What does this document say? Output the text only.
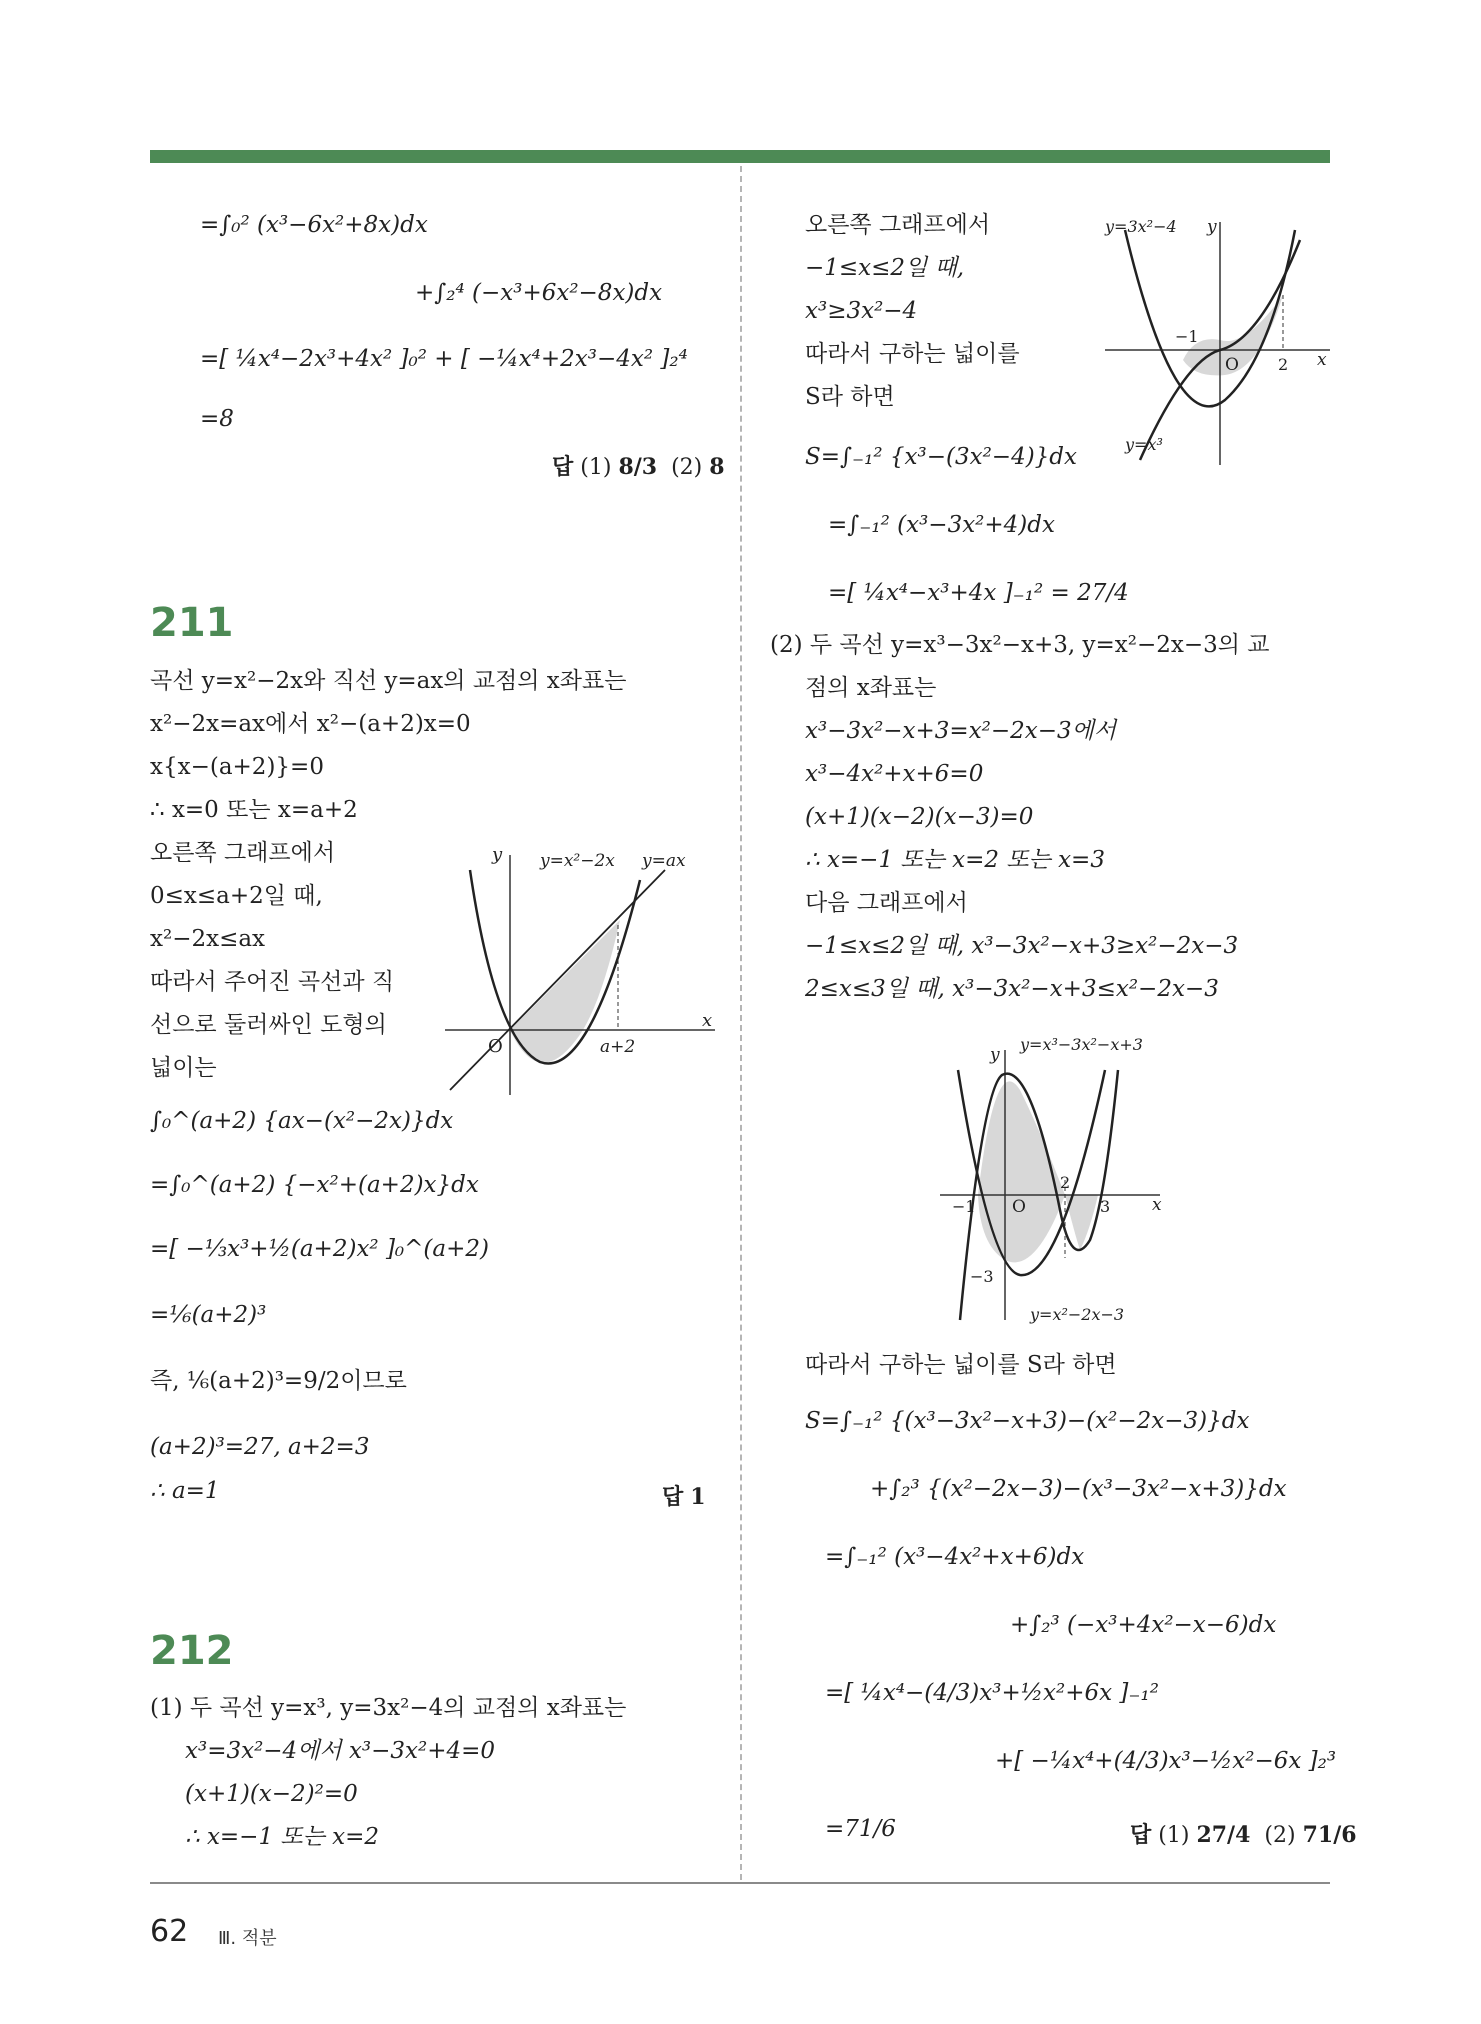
=∫₀² (x³−6x²+8x)dx
+∫₂⁴ (−x³+6x²−8x)dx
=[ ¼x⁴−2x³+4x² ]₀² + [ −¼x⁴+2x³−4x² ]₂⁴
=8
답 (1) 8/3 (2) 8
211
곡선 y=x²−2x와 직선 y=ax의 교점의 x좌표는
x²−2x=ax에서 x²−(a+2)x=0
x{x−(a+2)}=0
∴ x=0 또는 x=a+2
오른쪽 그래프에서
0≤x≤a+2일 때,
x²−2x≤ax
따라서 주어진 곡선과 직
선으로 둘러싸인 도형의
넓이는
∫₀^(a+2) {ax−(x²−2x)}dx
=∫₀^(a+2) {−x²+(a+2)x}dx
=[ −⅓x³+½(a+2)x² ]₀^(a+2)
=⅙(a+2)³
즉, ⅙(a+2)³=9/2이므로
(a+2)³=27, a+2=3
∴ a=1	답 1
y
x
O	a+2
y=x²−2x y=ax
212
(1) 두 곡선 y=x³, y=3x²−4의 교점의 x좌표는
x³=3x²−4에서 x³−3x²+4=0
(x+1)(x−2)²=0
∴ x=−1 또는 x=2
오른쪽 그래프에서
−1≤x≤2일 때,
x³≥3x²−4
따라서 구하는 넓이를
S라 하면
S=∫₋₁² {x³−(3x²−4)}dx
=∫₋₁² (x³−3x²+4)dx
=[ ¼x⁴−x³+4x ]₋₁² = 27/4
(2) 두 곡선 y=x³−3x²−x+3, y=x²−2x−3의 교
점의 x좌표는
x³−3x²−x+3=x²−2x−3에서
x³−4x²+x+6=0
(x+1)(x−2)(x−3)=0
∴ x=−1 또는 x=2 또는 x=3
다음 그래프에서
−1≤x≤2일 때, x³−3x²−x+3≥x²−2x−3
2≤x≤3일 때, x³−3x²−x+3≤x²−2x−3
따라서 구하는 넓이를 S라 하면
S=∫₋₁² {(x³−3x²−x+3)−(x²−2x−3)}dx
+∫₂³ {(x²−2x−3)−(x³−3x²−x+3)}dx
=∫₋₁² (x³−4x²+x+6)dx
+∫₂³ (−x³+4x²−x−6)dx
=[ ¼x⁴−(4/3)x³+½x²+6x ]₋₁²
+[ −¼x⁴+(4/3)x³−½x²−6x ]₂³
=71/6	답 (1) 27/4 (2) 71/6
y
x
O
−1
2
y=3x²−4
y=x³
y
x
O
−1
2
3
−3
y=x³−3x²−x+3
y=x²−2x−3
62 Ⅲ. 적분
